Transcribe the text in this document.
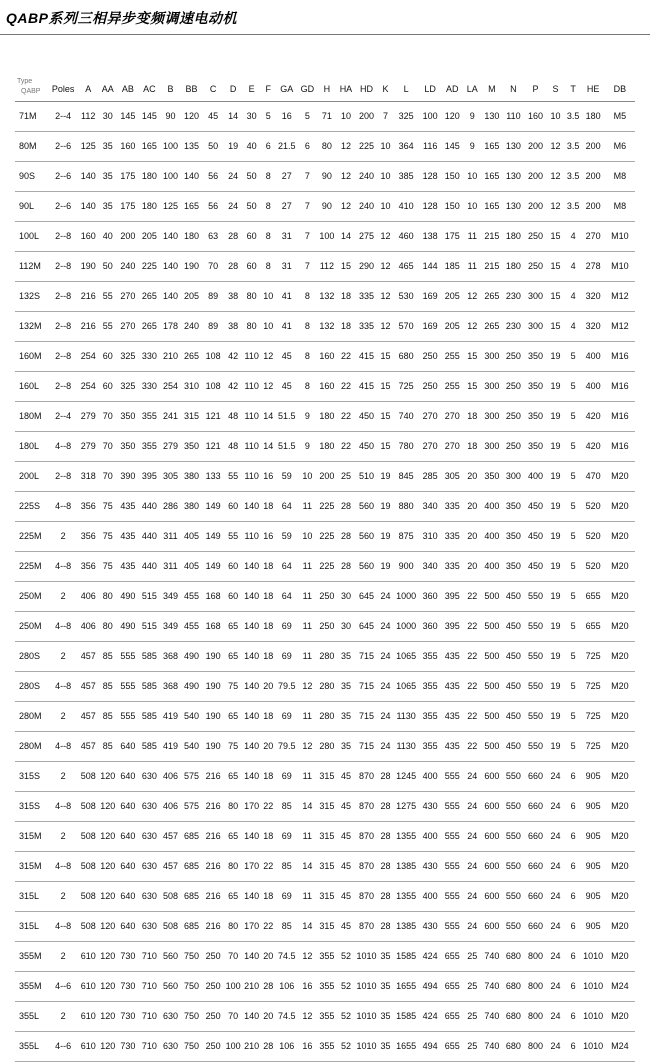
QABP系列三相异步变频调速电动机
Type
QABP	Poles	A	AA	AB	AC	B	BB	C	D	E	F	GA	GD	H	HA	HD	K	L	LD	AD	LA	M	N	P	S	T	HE	DB
71M	2--4	112	30	145	145	90	120	45	14	30	5	16	5	71	10	200	7	325	100	120	9	130	110	160	10	3.5	180	M5
80M	2--6	125	35	160	165	100	135	50	19	40	6	21.5	6	80	12	225	10	364	116	145	9	165	130	200	12	3.5	200	M6
90S	2--6	140	35	175	180	100	140	56	24	50	8	27	7	90	12	240	10	385	128	150	10	165	130	200	12	3.5	200	M8
90L	2--6	140	35	175	180	125	165	56	24	50	8	27	7	90	12	240	10	410	128	150	10	165	130	200	12	3.5	200	M8
100L	2--8	160	40	200	205	140	180	63	28	60	8	31	7	100	14	275	12	460	138	175	11	215	180	250	15	4	270	M10
112M	2--8	190	50	240	225	140	190	70	28	60	8	31	7	112	15	290	12	465	144	185	11	215	180	250	15	4	278	M10
132S	2--8	216	55	270	265	140	205	89	38	80	10	41	8	132	18	335	12	530	169	205	12	265	230	300	15	4	320	M12
132M	2--8	216	55	270	265	178	240	89	38	80	10	41	8	132	18	335	12	570	169	205	12	265	230	300	15	4	320	M12
160M	2--8	254	60	325	330	210	265	108	42	110	12	45	8	160	22	415	15	680	250	255	15	300	250	350	19	5	400	M16
160L	2--8	254	60	325	330	254	310	108	42	110	12	45	8	160	22	415	15	725	250	255	15	300	250	350	19	5	400	M16
180M	2--4	279	70	350	355	241	315	121	48	110	14	51.5	9	180	22	450	15	740	270	270	18	300	250	350	19	5	420	M16
180L	4--8	279	70	350	355	279	350	121	48	110	14	51.5	9	180	22	450	15	780	270	270	18	300	250	350	19	5	420	M16
200L	2--8	318	70	390	395	305	380	133	55	110	16	59	10	200	25	510	19	845	285	305	20	350	300	400	19	5	470	M20
225S	4--8	356	75	435	440	286	380	149	60	140	18	64	11	225	28	560	19	880	340	335	20	400	350	450	19	5	520	M20
225M	2	356	75	435	440	311	405	149	55	110	16	59	10	225	28	560	19	875	310	335	20	400	350	450	19	5	520	M20
225M	4--8	356	75	435	440	311	405	149	60	140	18	64	11	225	28	560	19	900	340	335	20	400	350	450	19	5	520	M20
250M	2	406	80	490	515	349	455	168	60	140	18	64	11	250	30	645	24	1000	360	395	22	500	450	550	19	5	655	M20
250M	4--8	406	80	490	515	349	455	168	65	140	18	69	11	250	30	645	24	1000	360	395	22	500	450	550	19	5	655	M20
280S	2	457	85	555	585	368	490	190	65	140	18	69	11	280	35	715	24	1065	355	435	22	500	450	550	19	5	725	M20
280S	4--8	457	85	555	585	368	490	190	75	140	20	79.5	12	280	35	715	24	1065	355	435	22	500	450	550	19	5	725	M20
280M	2	457	85	555	585	419	540	190	65	140	18	69	11	280	35	715	24	1130	355	435	22	500	450	550	19	5	725	M20
280M	4--8	457	85	640	585	419	540	190	75	140	20	79.5	12	280	35	715	24	1130	355	435	22	500	450	550	19	5	725	M20
315S	2	508	120	640	630	406	575	216	65	140	18	69	11	315	45	870	28	1245	400	555	24	600	550	660	24	6	905	M20
315S	4--8	508	120	640	630	406	575	216	80	170	22	85	14	315	45	870	28	1275	430	555	24	600	550	660	24	6	905	M20
315M	2	508	120	640	630	457	685	216	65	140	18	69	11	315	45	870	28	1355	400	555	24	600	550	660	24	6	905	M20
315M	4--8	508	120	640	630	457	685	216	80	170	22	85	14	315	45	870	28	1385	430	555	24	600	550	660	24	6	905	M20
315L	2	508	120	640	630	508	685	216	65	140	18	69	11	315	45	870	28	1355	400	555	24	600	550	660	24	6	905	M20
315L	4--8	508	120	640	630	508	685	216	80	170	22	85	14	315	45	870	28	1385	430	555	24	600	550	660	24	6	905	M20
355M	2	610	120	730	710	560	750	250	70	140	20	74.5	12	355	52	1010	35	1585	424	655	25	740	680	800	24	6	1010	M20
355M	4--6	610	120	730	710	560	750	250	100	210	28	106	16	355	52	1010	35	1655	494	655	25	740	680	800	24	6	1010	M24
355L	2	610	120	730	710	630	750	250	70	140	20	74.5	12	355	52	1010	35	1585	424	655	25	740	680	800	24	6	1010	M20
355L	4--6	610	120	730	710	630	750	250	100	210	28	106	16	355	52	1010	35	1655	494	655	25	740	680	800	24	6	1010	M24
